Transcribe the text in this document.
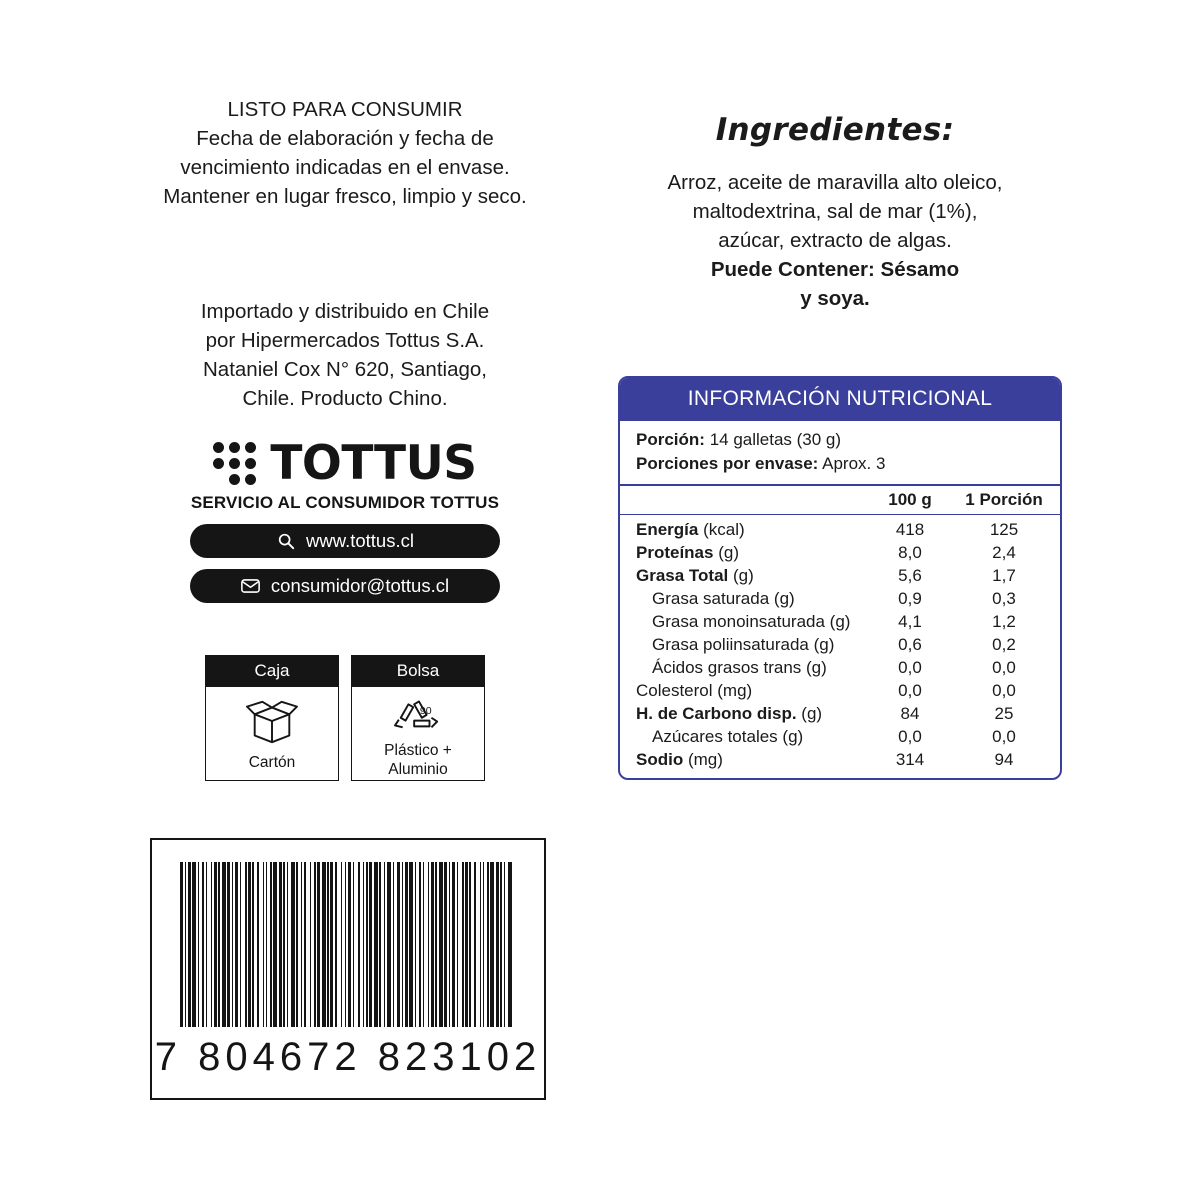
LISTO PARA CONSUMIR
Fecha de elaboración y fecha de
vencimiento indicadas en el envase.
Mantener en lugar fresco, limpio y seco.
Importado y distribuido en Chile
por Hipermercados Tottus S.A.
Nataniel Cox N° 620, Santiago,
Chile. Producto Chino.
TOTTUS
SERVICIO AL CONSUMIDOR TOTTUS
www.tottus.cl
consumidor@tottus.cl
Caja
Cartón
Bolsa
90
Plástico +
Aluminio
7 804672 823102
Ingredientes:
Arroz, aceite de maravilla alto oleico,
maltodextrina, sal de mar (1%),
azúcar, extracto de algas.
Puede Contener: Sésamo
y soya.
INFORMACIÓN NUTRICIONAL
Porción: 14 galletas (30 g)
Porciones por envase: Aprox. 3
	100 g	1 Porción
Energía (kcal)	418	125
Proteínas (g)	8,0	2,4
Grasa Total (g)	5,6	1,7
Grasa saturada (g)	0,9	0,3
Grasa monoinsaturada (g)	4,1	1,2
Grasa poliinsaturada (g)	0,6	0,2
Ácidos grasos trans (g)	0,0	0,0
Colesterol (mg)	0,0	0,0
H. de Carbono disp. (g)	84	25
Azúcares totales (g)	0,0	0,0
Sodio (mg)	314	94
